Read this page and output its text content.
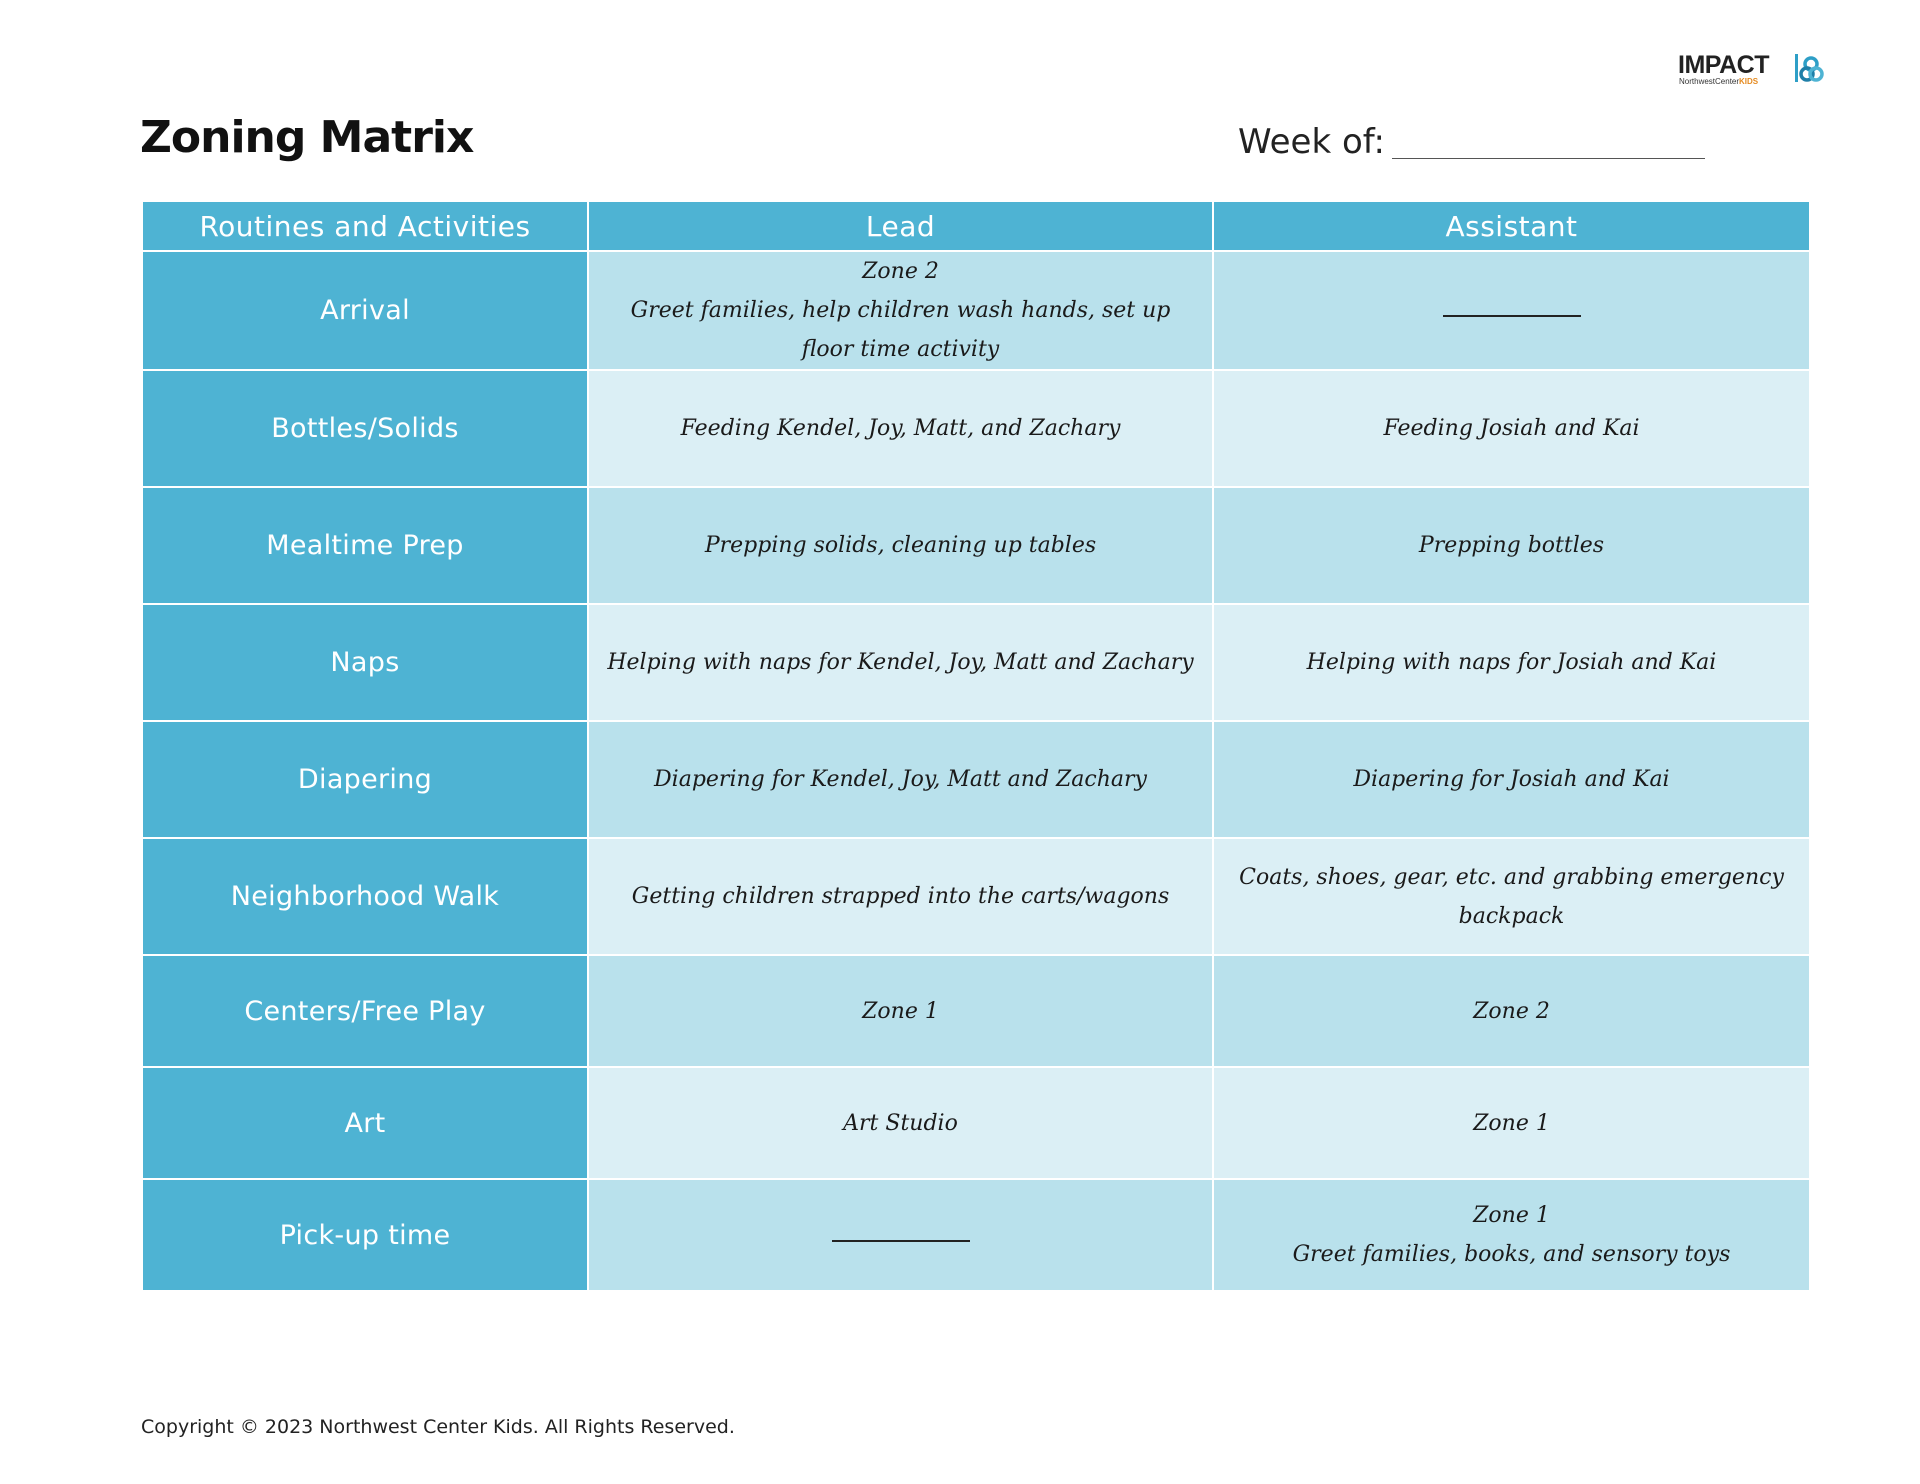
IMPACT
NorthwestCenterKIDS
Zoning Matrix	Week of:
Routines and Activities	Lead	Assistant
Arrival	Zone 2
Greet families, help children wash hands, set up floor time activity	

Bottles/Solids	Feeding Kendel, Joy, Matt, and Zachary	Feeding Josiah and Kai
Mealtime Prep	Prepping solids, cleaning up tables	Prepping bottles
Naps	Helping with naps for Kendel, Joy, Matt and Zachary	Helping with naps for Josiah and Kai
Diapering	Diapering for Kendel, Joy, Matt and Zachary	Diapering for Josiah and Kai
Neighborhood Walk	Getting children strapped into the carts/wagons	Coats, shoes, gear, etc. and grabbing emergency backpack
Centers/Free Play	Zone 1	Zone 2
Art	Art Studio	Zone 1
Pick-up time		Zone 1
Greet families, books, and sensory toys
Copyright © 2023 Northwest Center Kids. All Rights Reserved.
